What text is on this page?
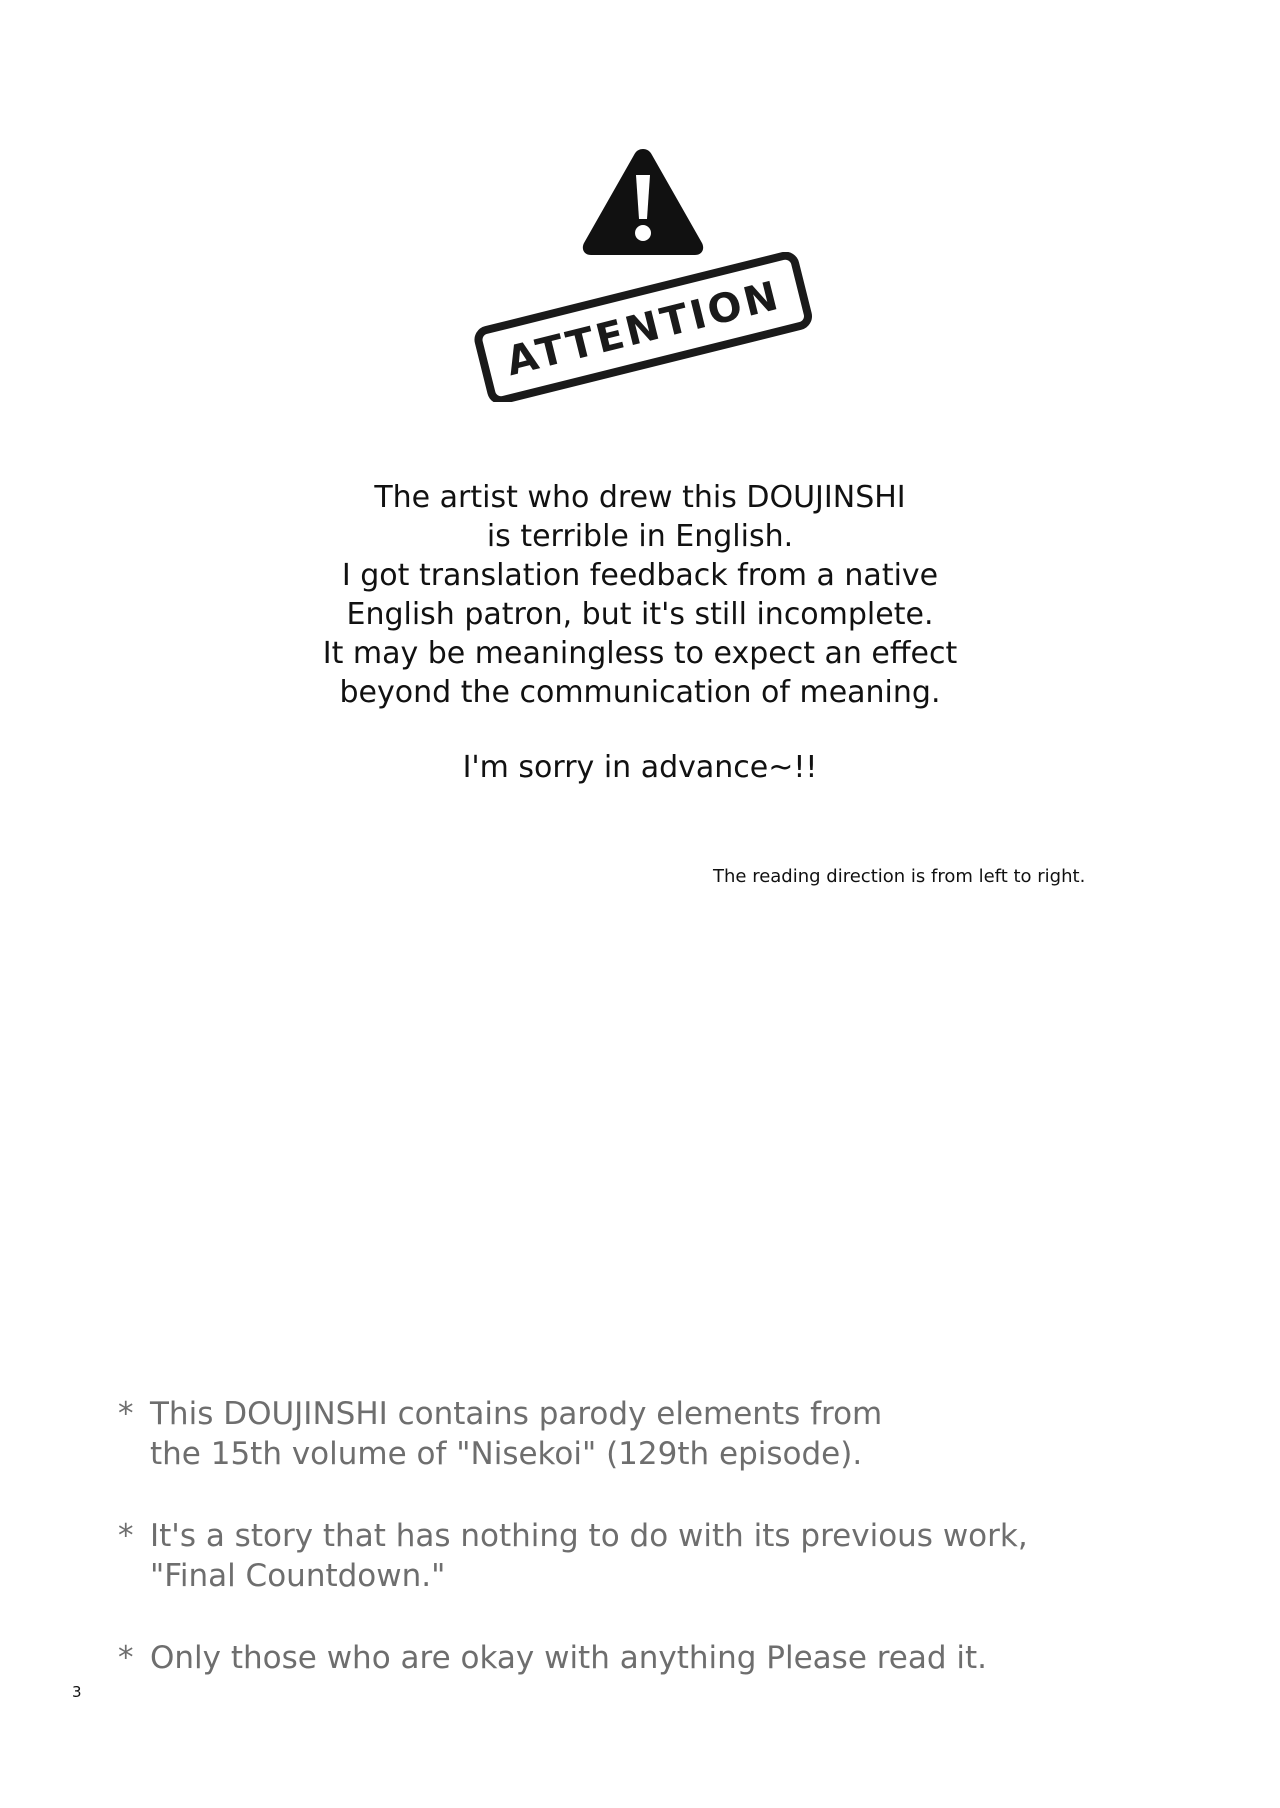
ATTENTION
The artist who drew this DOUJINSHI
is terrible in English.
I got translation feedback from a native
English patron, but it's still incomplete.
It may be meaningless to expect an effect
beyond the communication of meaning.
I'm sorry in advance~!!
The reading direction is from left to right.
* This DOUJINSHI contains parody elements from
the 15th volume of "Nisekoi" (129th episode).
* It's a story that has nothing to do with its previous work,
"Final Countdown."
* Only those who are okay with anything Please read it.
3
